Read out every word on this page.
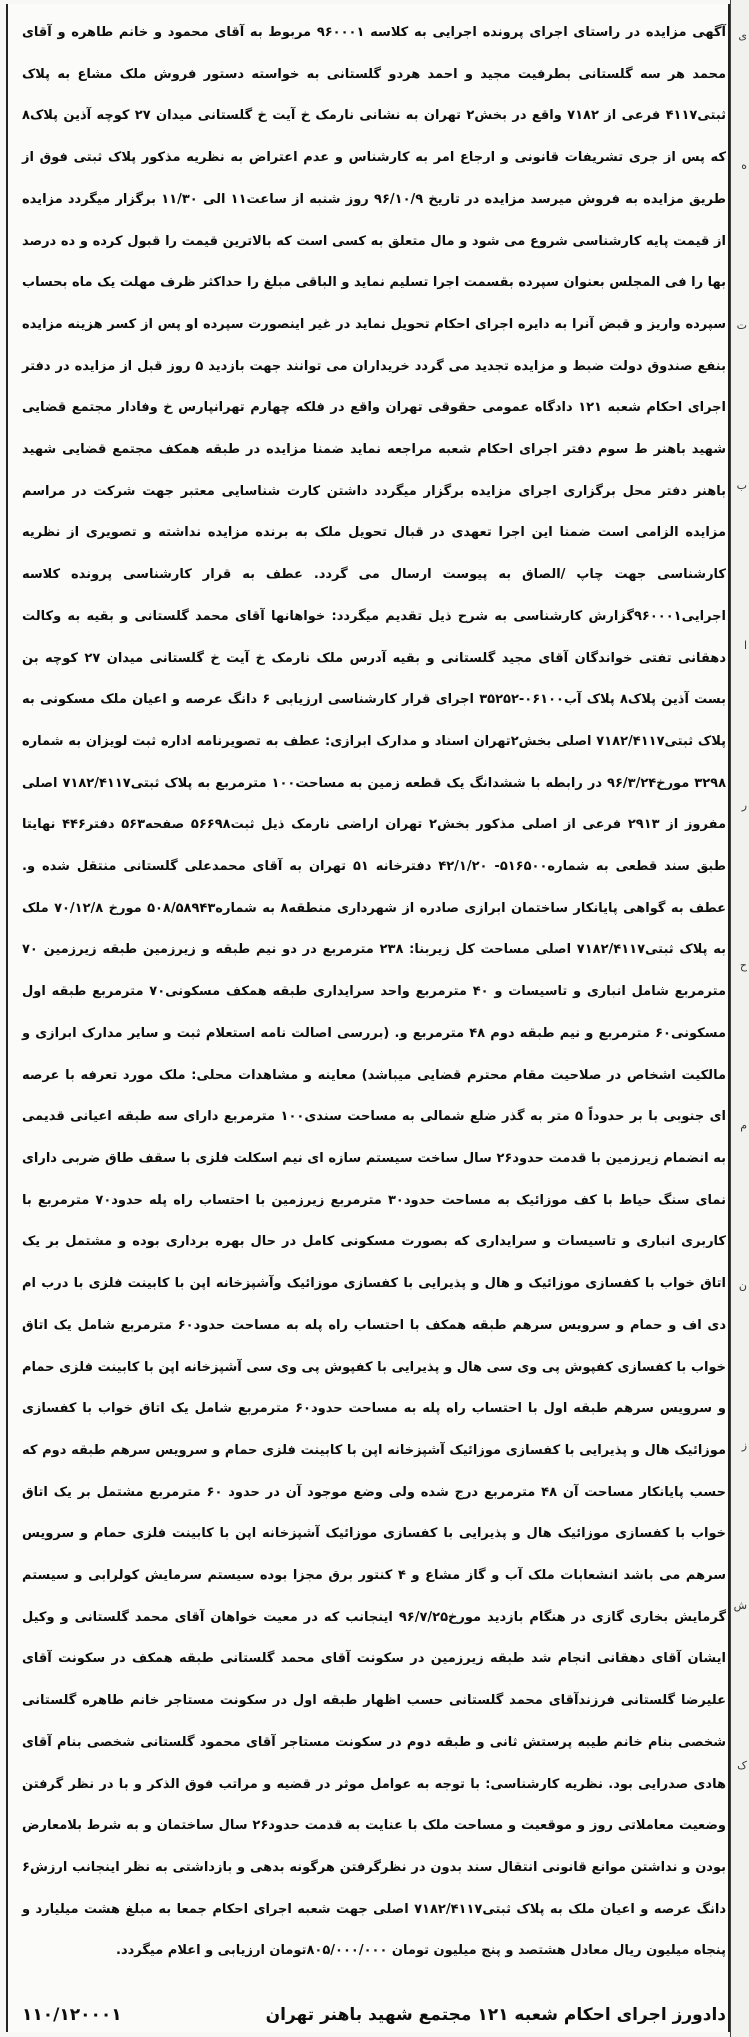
آگهی مزایده در راستای اجرای پرونده اجرایی به کلاسه ۹۶۰۰۰۱ مربوط به آقای محمود و خانم طاهره و آقای محمد هر سه گلستانی بطرفیت مجید و احمد هردو گلستانی به خواسته دستور فروش ملک مشاع به پلاک ثبتی۴۱۱۷ فرعی از ۷۱۸۲ واقع در بخش۲ تهران به نشانی نارمک خ آیت خ گلستانی میدان ۲۷ کوچه آذین پلاک۸ که پس از جری تشریفات قانونی و ارجاع امر به کارشناس و عدم اعتراض به نظریه مذکور پلاک ثبتی فوق از طریق مزایده به فروش میرسد مزایده در تاریخ ۹۶/۱۰/۹ روز شنبه از ساعت۱۱ الی ۱۱/۳۰ برگزار میگردد مزایده از قیمت پایه کارشناسی شروع می شود و مال متعلق به کسی است که بالاترین قیمت را قبول کرده و ده درصد بها را فی المجلس بعنوان سپرده بقسمت اجرا تسلیم نماید و الباقی مبلغ را حداکثر ظرف مهلت یک ماه بحساب سپرده واریز و قبض آنرا به دایره اجرای احکام تحویل نماید در غیر اینصورت سپرده او پس از کسر هزینه مزایده بنفع صندوق دولت ضبط و مزایده تجدید می گردد خریداران می توانند جهت بازدید ۵ روز قبل از مزایده در دفتر اجرای احکام شعبه ۱۲۱ دادگاه عمومی حقوقی تهران واقع در فلکه چهارم تهرانپارس خ وفادار مجتمع قضایی شهید باهنر ط سوم دفتر اجرای احکام شعبه مراجعه نماید ضمنا مزایده در طبقه همکف مجتمع قضایی شهید باهنر دفتر محل برگزاری اجرای مزایده برگزار میگردد داشتن کارت شناسایی معتبر جهت شرکت در مراسم مزایده الزامی است ضمنا این اجرا تعهدی در قبال تحویل ملک به برنده مزایده نداشته و تصویری از نظریه کارشناسی جهت چاپ /الصاق به پیوست ارسال می گردد. عطف به قرار کارشناسی پرونده کلاسه اجرایی۹۶۰۰۰۱گزارش کارشناسی به شرح ذیل تقدیم میگردد: خواهانها آقای محمد گلستانی و بقیه به وکالت دهقانی تفتی خواندگان آقای مجید گلستانی و بقیه آدرس ملک نارمک خ آیت خ گلستانی میدان ۲۷ کوچه بن بست آذین پلاک۸ پلاک آب۰۶۱۰۰-۳۵۲۵۲ اجرای قرار کارشناسی ارزیابی ۶ دانگ عرصه و اعیان ملک مسکونی به پلاک ثبتی۷۱۸۲/۴۱۱۷ اصلی بخش۲تهران اسناد و مدارک ابرازی: عطف به تصویرنامه اداره ثبت لویزان به شماره ۳۲۹۸ مورخ۹۶/۳/۲۴ در رابطه با ششدانگ یک قطعه زمین به مساحت۱۰۰ مترمربع به پلاک ثبتی۷۱۸۲/۴۱۱۷ اصلی مفروز از ۲۹۱۳ فرعی از اصلی مذکور بخش۲ تهران اراضی نارمک ذیل ثبت۵۶۶۹۸ صفحه۵۶۳ دفتر۴۴۶ نهایتا طبق سند قطعی به شماره۵۱۶۵۰۰- ۴۲/۱/۲۰ دفترخانه ۵۱ تهران به آقای محمدعلی گلستانی منتقل شده و. عطف به گواهی پایانکار ساختمان ابرازی صادره از شهرداری منطقه۸ به شماره۵۰۸/۵۸۹۴۳ مورخ ۷۰/۱۲/۸ ملک به پلاک ثبتی۷۱۸۲/۴۱۱۷ اصلی مساحت کل زیربنا: ۲۳۸ مترمربع در دو نیم طبقه و زیرزمین طبقه زیرزمین ۷۰ مترمربع شامل انباری و تاسیسات و ۴۰ مترمربع واحد سرایداری طبقه همکف مسکونی۷۰ مترمربع طبقه اول مسکونی۶۰ مترمربع و نیم طبقه دوم ۴۸ مترمربع و. (بررسی اصالت نامه استعلام ثبت و سایر مدارک ابرازی و مالکیت اشخاص در صلاحیت مقام محترم قضایی میباشد) معاینه و مشاهدات محلی: ملک مورد تعرفه با عرصه ای جنوبی با بر حدوداً ۵ متر به گذر ضلع شمالی به مساحت سندی۱۰۰ مترمربع دارای سه طبقه اعیانی قدیمی به انضمام زیرزمین با قدمت حدود۲۶ سال ساخت سیستم سازه ای نیم اسکلت فلزی با سقف طاق ضربی دارای نمای سنگ حیاط با کف موزائیک به مساحت حدود۳۰ مترمربع زیرزمین با احتساب راه پله حدود۷۰ مترمربع با کاربری انباری و تاسیسات و سرایداری که بصورت مسکونی کامل در حال بهره برداری بوده و مشتمل بر یک اتاق خواب با کفسازی موزائیک و هال و پذیرایی با کفسازی موزائیک وآشپزخانه اپن با کابینت فلزی با درب ام دی اف و حمام و سرویس سرهم طبقه همکف با احتساب راه پله به مساحت حدود۶۰ مترمربع شامل یک اتاق خواب با کفسازی کفپوش پی وی سی هال و پذیرایی با کفپوش پی وی سی آشپزخانه اپن با کابینت فلزی حمام و سرویس سرهم طبقه اول با احتساب راه پله به مساحت حدود۶۰ مترمربع شامل یک اتاق خواب با کفسازی موزائیک هال و پذیرایی با کفسازی موزائیک آشپزخانه اپن با کابینت فلزی حمام و سرویس سرهم طبقه دوم که حسب پایانکار مساحت آن ۴۸ مترمربع درج شده ولی وضع موجود آن در حدود ۶۰ مترمربع مشتمل بر یک اتاق خواب با کفسازی موزائیک هال و پذیرایی با کفسازی موزائیک آشپزخانه اپن با کابینت فلزی حمام و سرویس سرهم می باشد انشعابات ملک آب و گاز مشاع و ۴ کنتور برق مجزا بوده سیستم سرمایش کولرابی و سیستم گرمایش بخاری گازی در هنگام بازدید مورخ۹۶/۷/۲۵ اینجانب که در معیت خواهان آقای محمد گلستانی و وکیل ایشان آقای دهقانی انجام شد طبقه زیرزمین در سکونت آقای محمد گلستانی طبقه همکف در سکونت آقای علیرضا گلستانی فرزندآقای محمد گلستانی حسب اظهار طبقه اول در سکونت مستاجر خانم طاهره گلستانی شخصی بنام خانم طیبه پرستش ثانی و طبقه دوم در سکونت مستاجر آقای محمود گلستانی شخصی بنام آقای هادی صدرایی بود. نظریه کارشناسی: با توجه به عوامل موثر در قضیه و مراتب فوق الذکر و با در نظر گرفتن وضعیت معاملاتی روز و موقعیت و مساحت ملک با عنایت به قدمت حدود۲۶ سال ساختمان و به شرط بلامعارض بودن و نداشتن موانع قانونی انتقال سند بدون در نظرگرفتن هرگونه بدهی و بازداشتی به نظر اینجانب ارزش۶ دانگ عرصه و اعیان ملک به پلاک ثبتی۷۱۸۲/۴۱۱۷ اصلی جهت شعبه اجرای احکام جمعا به مبلغ هشت میلیارد و پنجاه میلیون ریال معادل هشتصد و پنج میلیون تومان ۸۰۵/۰۰۰/۰۰۰تومان ارزیابی و اعلام میگردد.

دادورز اجرای احکام شعبه ۱۲۱ مجتمع شهید باهنر تهران
۱۱۰/۱۲۰۰۰۱
ی
ه
ت
ب
ا
ر
ح
م
ن
ز
ش
ک
